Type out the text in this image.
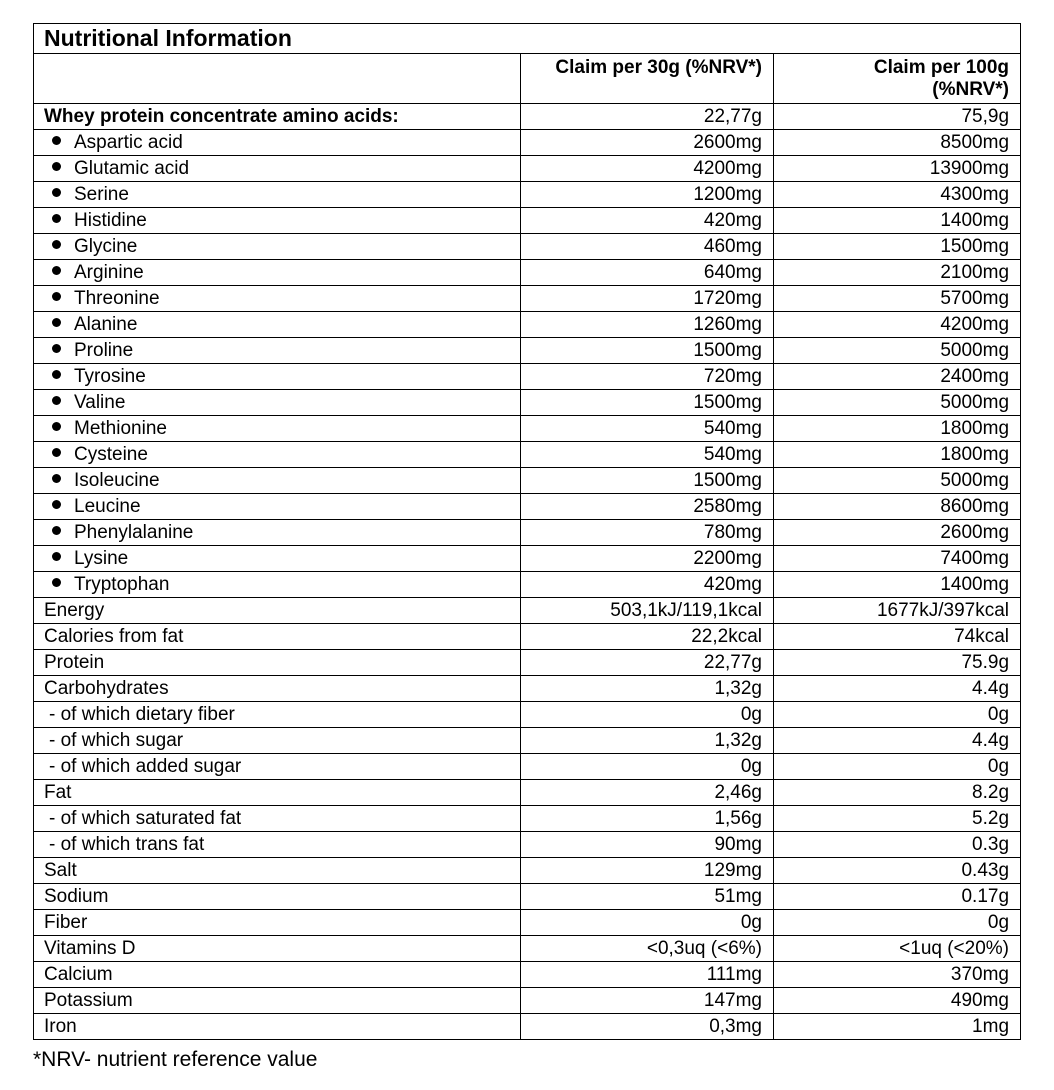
Nutritional Information		
	Claim per 30g (%NRV*)	Claim per 100g
(%NRV*)
Whey protein concentrate amino acids:	22,77g	75,9g
Aspartic acid	2600mg	8500mg
Glutamic acid	4200mg	13900mg
Serine	1200mg	4300mg
Histidine	420mg	1400mg
Glycine	460mg	1500mg
Arginine	640mg	2100mg
Threonine	1720mg	5700mg
Alanine	1260mg	4200mg
Proline	1500mg	5000mg
Tyrosine	720mg	2400mg
Valine	1500mg	5000mg
Methionine	540mg	1800mg
Cysteine	540mg	1800mg
Isoleucine	1500mg	5000mg
Leucine	2580mg	8600mg
Phenylalanine	780mg	2600mg
Lysine	2200mg	7400mg
Tryptophan	420mg	1400mg
Energy	503,1kJ/119,1kcal	1677kJ/397kcal
Calories from fat	22,2kcal	74kcal
Protein	22,77g	75.9g
Carbohydrates	1,32g	4.4g
- of which dietary fiber	0g	0g
- of which sugar	1,32g	4.4g
- of which added sugar	0g	0g
Fat	2,46g	8.2g
- of which saturated fat	1,56g	5.2g
- of which trans fat	90mg	0.3g
Salt	129mg	0.43g
Sodium	51mg	0.17g
Fiber	0g	0g
Vitamins D	<0,3uq (<6%)	<1uq (<20%)
Calcium	111mg	370mg
Potassium	147mg	490mg
Iron	0,3mg	1mg
*NRV- nutrient reference value
